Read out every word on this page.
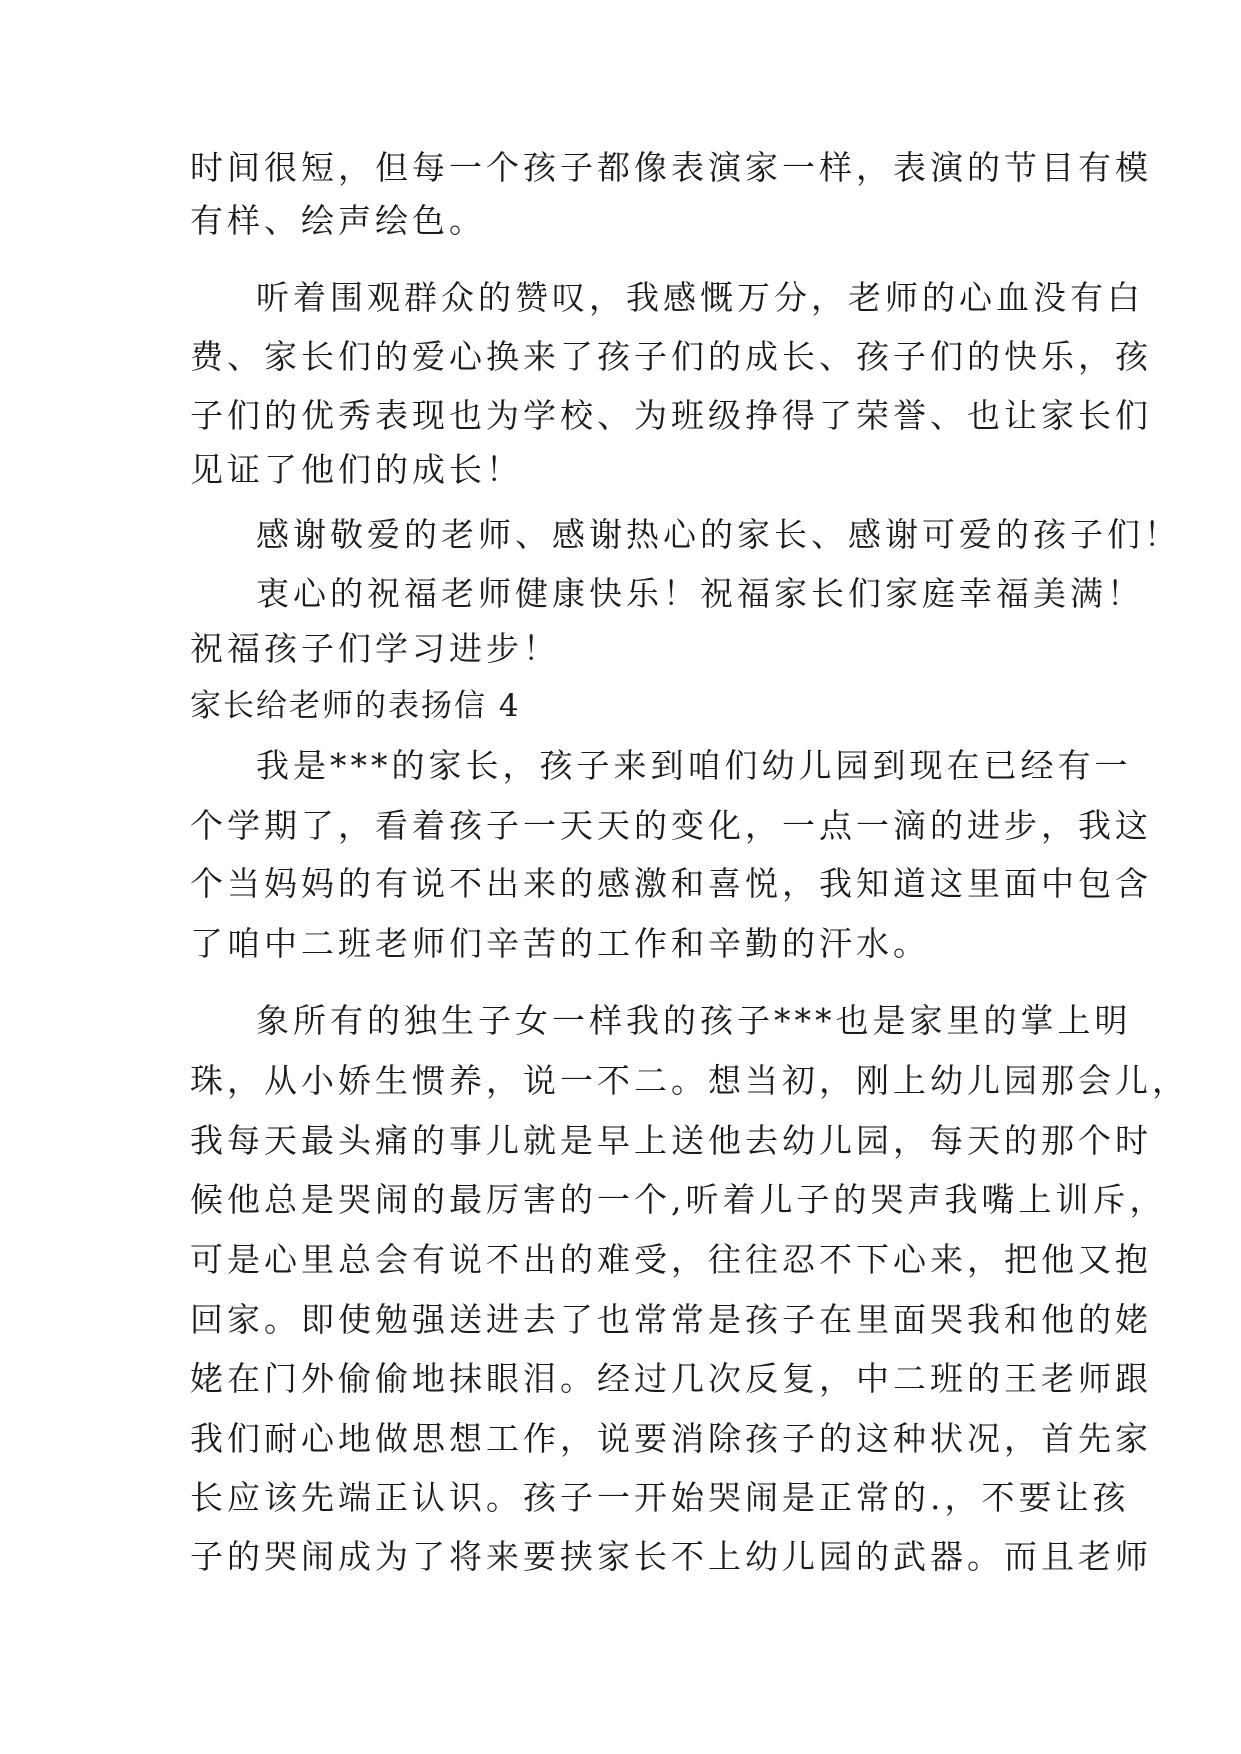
时间很短，但每一个孩子都像表演家一样，表演的节目有模
有样、绘声绘色。
听着围观群众的赞叹，我感慨万分，老师的心血没有白
费、家长们的爱心换来了孩子们的成长、孩子们的快乐，孩
子们的优秀表现也为学校、为班级挣得了荣誉、也让家长们
见证了他们的成长！
感谢敬爱的老师、感谢热心的家长、感谢可爱的孩子们！
衷心的祝福老师健康快乐！祝福家长们家庭幸福美满！
祝福孩子们学习进步！
家长给老师的表扬信 4
我是***的家长，孩子来到咱们幼儿园到现在已经有一
个学期了，看着孩子一天天的变化，一点一滴的进步，我这
个当妈妈的有说不出来的感激和喜悦，我知道这里面中包含
了咱中二班老师们辛苦的工作和辛勤的汗水。
象所有的独生子女一样我的孩子***也是家里的掌上明
珠，从小娇生惯养，说一不二。想当初，刚上幼儿园那会儿，
我每天最头痛的事儿就是早上送他去幼儿园，每天的那个时
候他总是哭闹的最厉害的一个,听着儿子的哭声我嘴上训斥，
可是心里总会有说不出的难受，往往忍不下心来，把他又抱
回家。即使勉强送进去了也常常是孩子在里面哭我和他的姥
姥在门外偷偷地抹眼泪。经过几次反复，中二班的王老师跟
我们耐心地做思想工作，说要消除孩子的这种状况，首先家
长应该先端正认识。孩子一开始哭闹是正常的.，不要让孩
子的哭闹成为了将来要挟家长不上幼儿园的武器。而且老师
